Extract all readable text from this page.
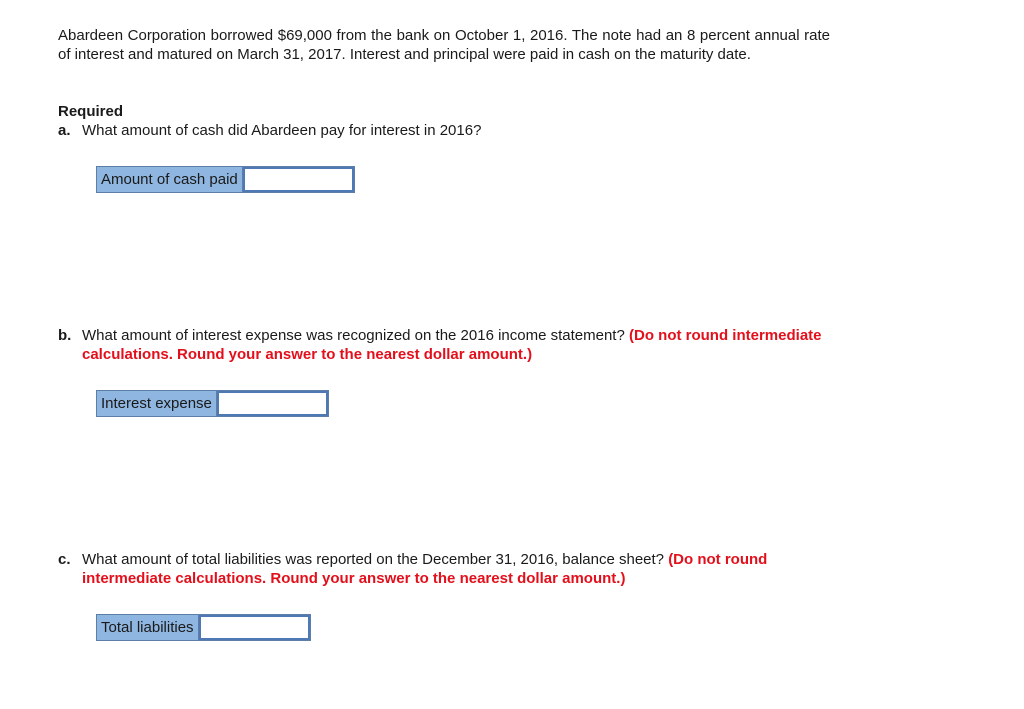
Abardeen Corporation borrowed $69,000 from the bank on October 1, 2016. The note had an 8 percent annual rate of interest and matured on March 31, 2017. Interest and principal were paid in cash on the maturity date.

Required

a. What amount of cash did Abardeen pay for interest in 2016?
Amount of cash paid
b. What amount of interest expense was recognized on the 2016 income statement? (Do not round intermediate calculations. Round your answer to the nearest dollar amount.)
Interest expense
c. What amount of total liabilities was reported on the December 31, 2016, balance sheet? (Do not round intermediate calculations. Round your answer to the nearest dollar amount.)
Total liabilities
